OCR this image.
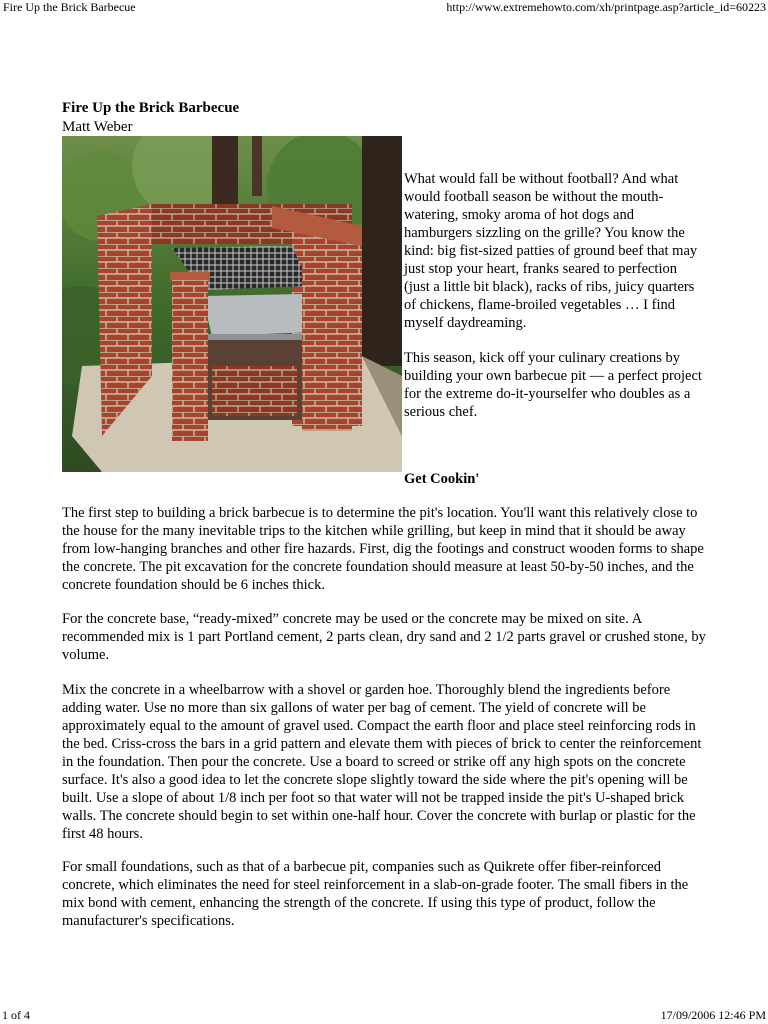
Fire Up the Brick Barbecue	http://www.extremehowto.com/xh/printpage.asp?article_id=60223
Fire Up the Brick Barbecue
Matt Weber

What would fall be without football? And what would football season be without the mouth-watering, smoky aroma of hot dogs and hamburgers sizzling on the grille? You know the kind: big fist-sized patties of ground beef that may just stop your heart, franks seared to perfection (just a little bit black), racks of ribs, juicy quarters of chickens, flame-broiled vegetables … I find myself daydreaming.

This season, kick off your culinary creations by building your own barbecue pit — a perfect project for the extreme do-it-yourselfer who doubles as a serious chef.

Get Cookin'

The first step to building a brick barbecue is to determine the pit's location. You'll want this relatively close to the house for the many inevitable trips to the kitchen while grilling, but keep in mind that it should be away from low-hanging branches and other fire hazards. First, dig the footings and construct wooden forms to shape the concrete. The pit excavation for the concrete foundation should measure at least 50-by-50 inches, and the concrete foundation should be 6 inches thick.

For the concrete base, “ready-mixed” concrete may be used or the concrete may be mixed on site. A recommended mix is 1 part Portland cement, 2 parts clean, dry sand and 2 1/2 parts gravel or crushed stone, by volume.

Mix the concrete in a wheelbarrow with a shovel or garden hoe. Thoroughly blend the ingredients before adding water. Use no more than six gallons of water per bag of cement. The yield of concrete will be approximately equal to the amount of gravel used. Compact the earth floor and place steel reinforcing rods in the bed. Criss-cross the bars in a grid pattern and elevate them with pieces of brick to center the reinforcement in the foundation. Then pour the concrete. Use a board to screed or strike off any high spots on the concrete surface. It's also a good idea to let the concrete slope slightly toward the side where the pit's opening will be built. Use a slope of about 1/8 inch per foot so that water will not be trapped inside the pit's U-shaped brick walls. The concrete should begin to set within one-half hour. Cover the concrete with burlap or plastic for the first 48 hours.

For small foundations, such as that of a barbecue pit, companies such as Quikrete offer fiber-reinforced concrete, which eliminates the need for steel reinforcement in a slab-on-grade footer. The small fibers in the mix bond with cement, enhancing the strength of the concrete. If using this type of product, follow the manufacturer's specifications.

1 of 4	17/09/2006 12:46 PM
